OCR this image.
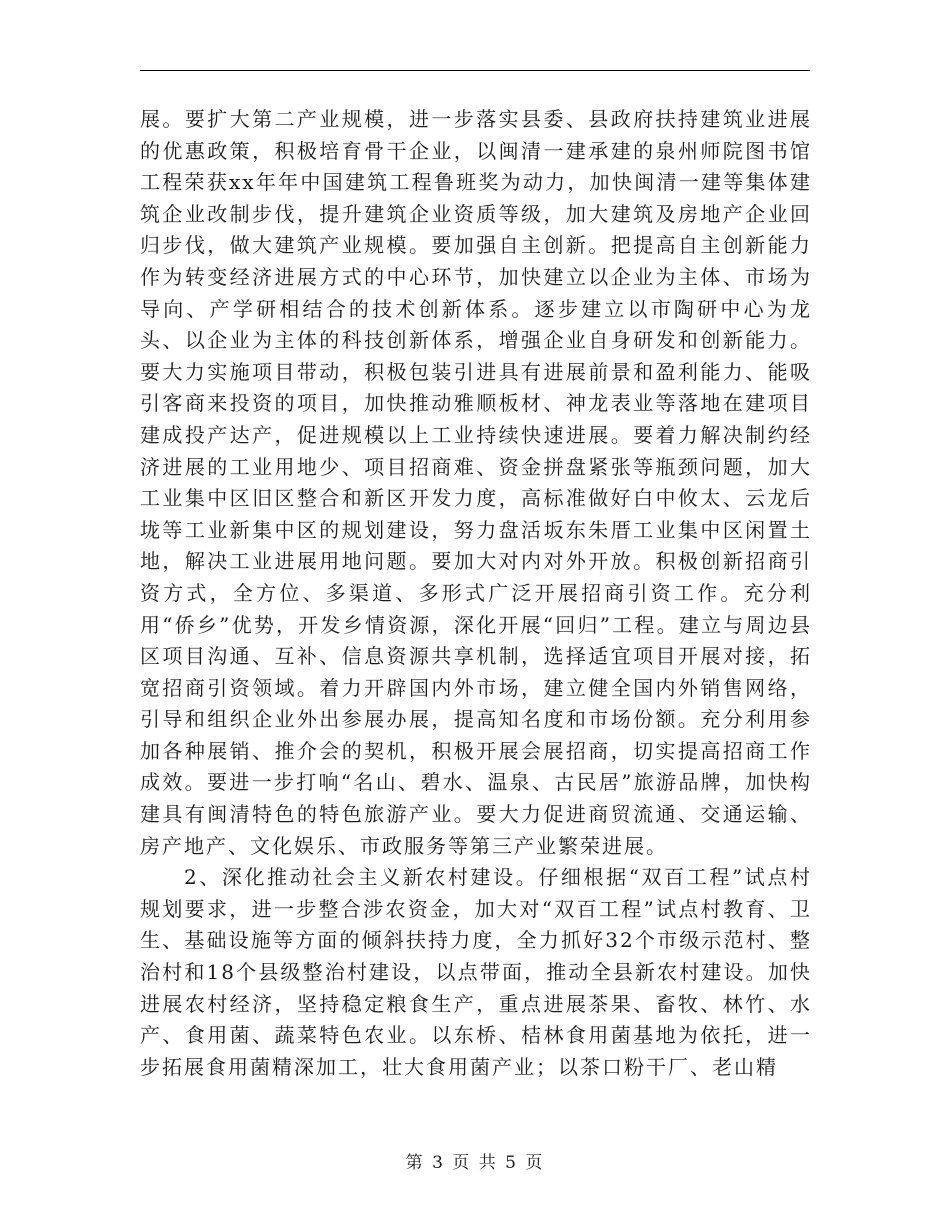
展。要扩大第二产业规模，进一步落实县委、县政府扶持建筑业进展的优惠政策，积极培育骨干企业，以闽清一建承建的泉州师院图书馆工程荣获xx年年中国建筑工程鲁班奖为动力，加快闽清一建等集体建筑企业改制步伐，提升建筑企业资质等级，加大建筑及房地产企业回归步伐，做大建筑产业规模。要加强自主创新。把提高自主创新能力作为转变经济进展方式的中心环节，加快建立以企业为主体、市场为导向、产学研相结合的技术创新体系。逐步建立以市陶研中心为龙头、以企业为主体的科技创新体系，增强企业自身研发和创新能力。要大力实施项目带动，积极包装引进具有进展前景和盈利能力、能吸引客商来投资的项目，加快推动雅顺板材、神龙表业等落地在建项目建成投产达产，促进规模以上工业持续快速进展。要着力解决制约经济进展的工业用地少、项目招商难、资金拼盘紧张等瓶颈问题，加大工业集中区旧区整合和新区开发力度，高标准做好白中攸太、云龙后垅等工业新集中区的规划建设，努力盘活坂东朱厝工业集中区闲置土地，解决工业进展用地问题。要加大对内对外开放。积极创新招商引资方式，全方位、多渠道、多形式广泛开展招商引资工作。充分利用“侨乡”优势，开发乡情资源，深化开展“回归”工程。建立与周边县区项目沟通、互补、信息资源共享机制，选择适宜项目开展对接，拓宽招商引资领域。着力开辟国内外市场，建立健全国内外销售网络，引导和组织企业外出参展办展，提高知名度和市场份额。充分利用参加各种展销、推介会的契机，积极开展会展招商，切实提高招商工作成效。要进一步打响“名山、碧水、温泉、古民居”旅游品牌，加快构建具有闽清特色的特色旅游产业。要大力促进商贸流通、交通运输、房产地产、文化娱乐、市政服务等第三产业繁荣进展。

2、深化推动社会主义新农村建设。仔细根据“双百工程”试点村规划要求，进一步整合涉农资金，加大对“双百工程”试点村教育、卫生、基础设施等方面的倾斜扶持力度，全力抓好32个市级示范村、整治村和18个县级整治村建设，以点带面，推动全县新农村建设。加快进展农村经济，坚持稳定粮食生产，重点进展茶果、畜牧、林竹、水产、食用菌、蔬菜特色农业。以东桥、桔林食用菌基地为依托，进一步拓展食用菌精深加工，壮大食用菌产业；以茶口粉干厂、老山精

第 3 页 共 5 页
